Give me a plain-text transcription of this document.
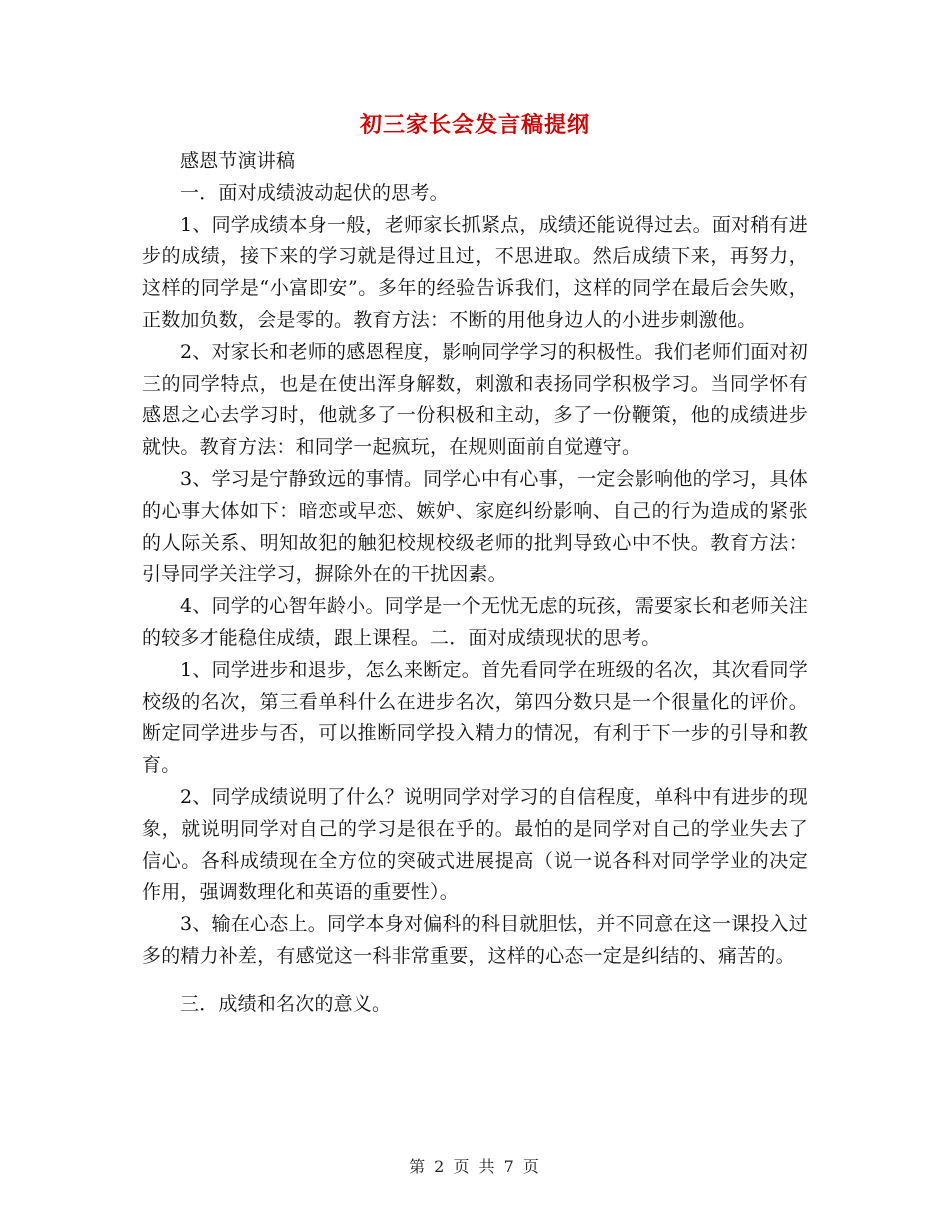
初三家长会发言稿提纲

感恩节演讲稿

一．面对成绩波动起伏的思考。

1、同学成绩本身一般，老师家长抓紧点，成绩还能说得过去。面对稍有进步的成绩，接下来的学习就是得过且过，不思进取。然后成绩下来，再努力，这样的同学是“小富即安”。多年的经验告诉我们，这样的同学在最后会失败，正数加负数，会是零的。教育方法：不断的用他身边人的小进步刺激他。

2、对家长和老师的感恩程度，影响同学学习的积极性。我们老师们面对初三的同学特点，也是在使出浑身解数，刺激和表扬同学积极学习。当同学怀有感恩之心去学习时，他就多了一份积极和主动，多了一份鞭策，他的成绩进步就快。教育方法：和同学一起疯玩，在规则面前自觉遵守。

3、学习是宁静致远的事情。同学心中有心事，一定会影响他的学习，具体的心事大体如下：暗恋或早恋、嫉妒、家庭纠纷影响、自己的行为造成的紧张的人际关系、明知故犯的触犯校规校级老师的批判导致心中不快。教育方法：引导同学关注学习，摒除外在的干扰因素。

4、同学的心智年龄小。同学是一个无忧无虑的玩孩，需要家长和老师关注的较多才能稳住成绩，跟上课程。二．面对成绩现状的思考。

1、同学进步和退步，怎么来断定。首先看同学在班级的名次，其次看同学校级的名次，第三看单科什么在进步名次，第四分数只是一个很量化的评价。断定同学进步与否，可以推断同学投入精力的情况，有利于下一步的引导和教育。

2、同学成绩说明了什么？说明同学对学习的自信程度，单科中有进步的现象，就说明同学对自己的学习是很在乎的。最怕的是同学对自己的学业失去了信心。各科成绩现在全方位的突破式进展提高（说一说各科对同学学业的决定作用，强调数理化和英语的重要性）。

3、输在心态上。同学本身对偏科的科目就胆怯，并不同意在这一课投入过多的精力补差，有感觉这一科非常重要，这样的心态一定是纠结的、痛苦的。

三．成绩和名次的意义。

第 2 页 共 7 页
